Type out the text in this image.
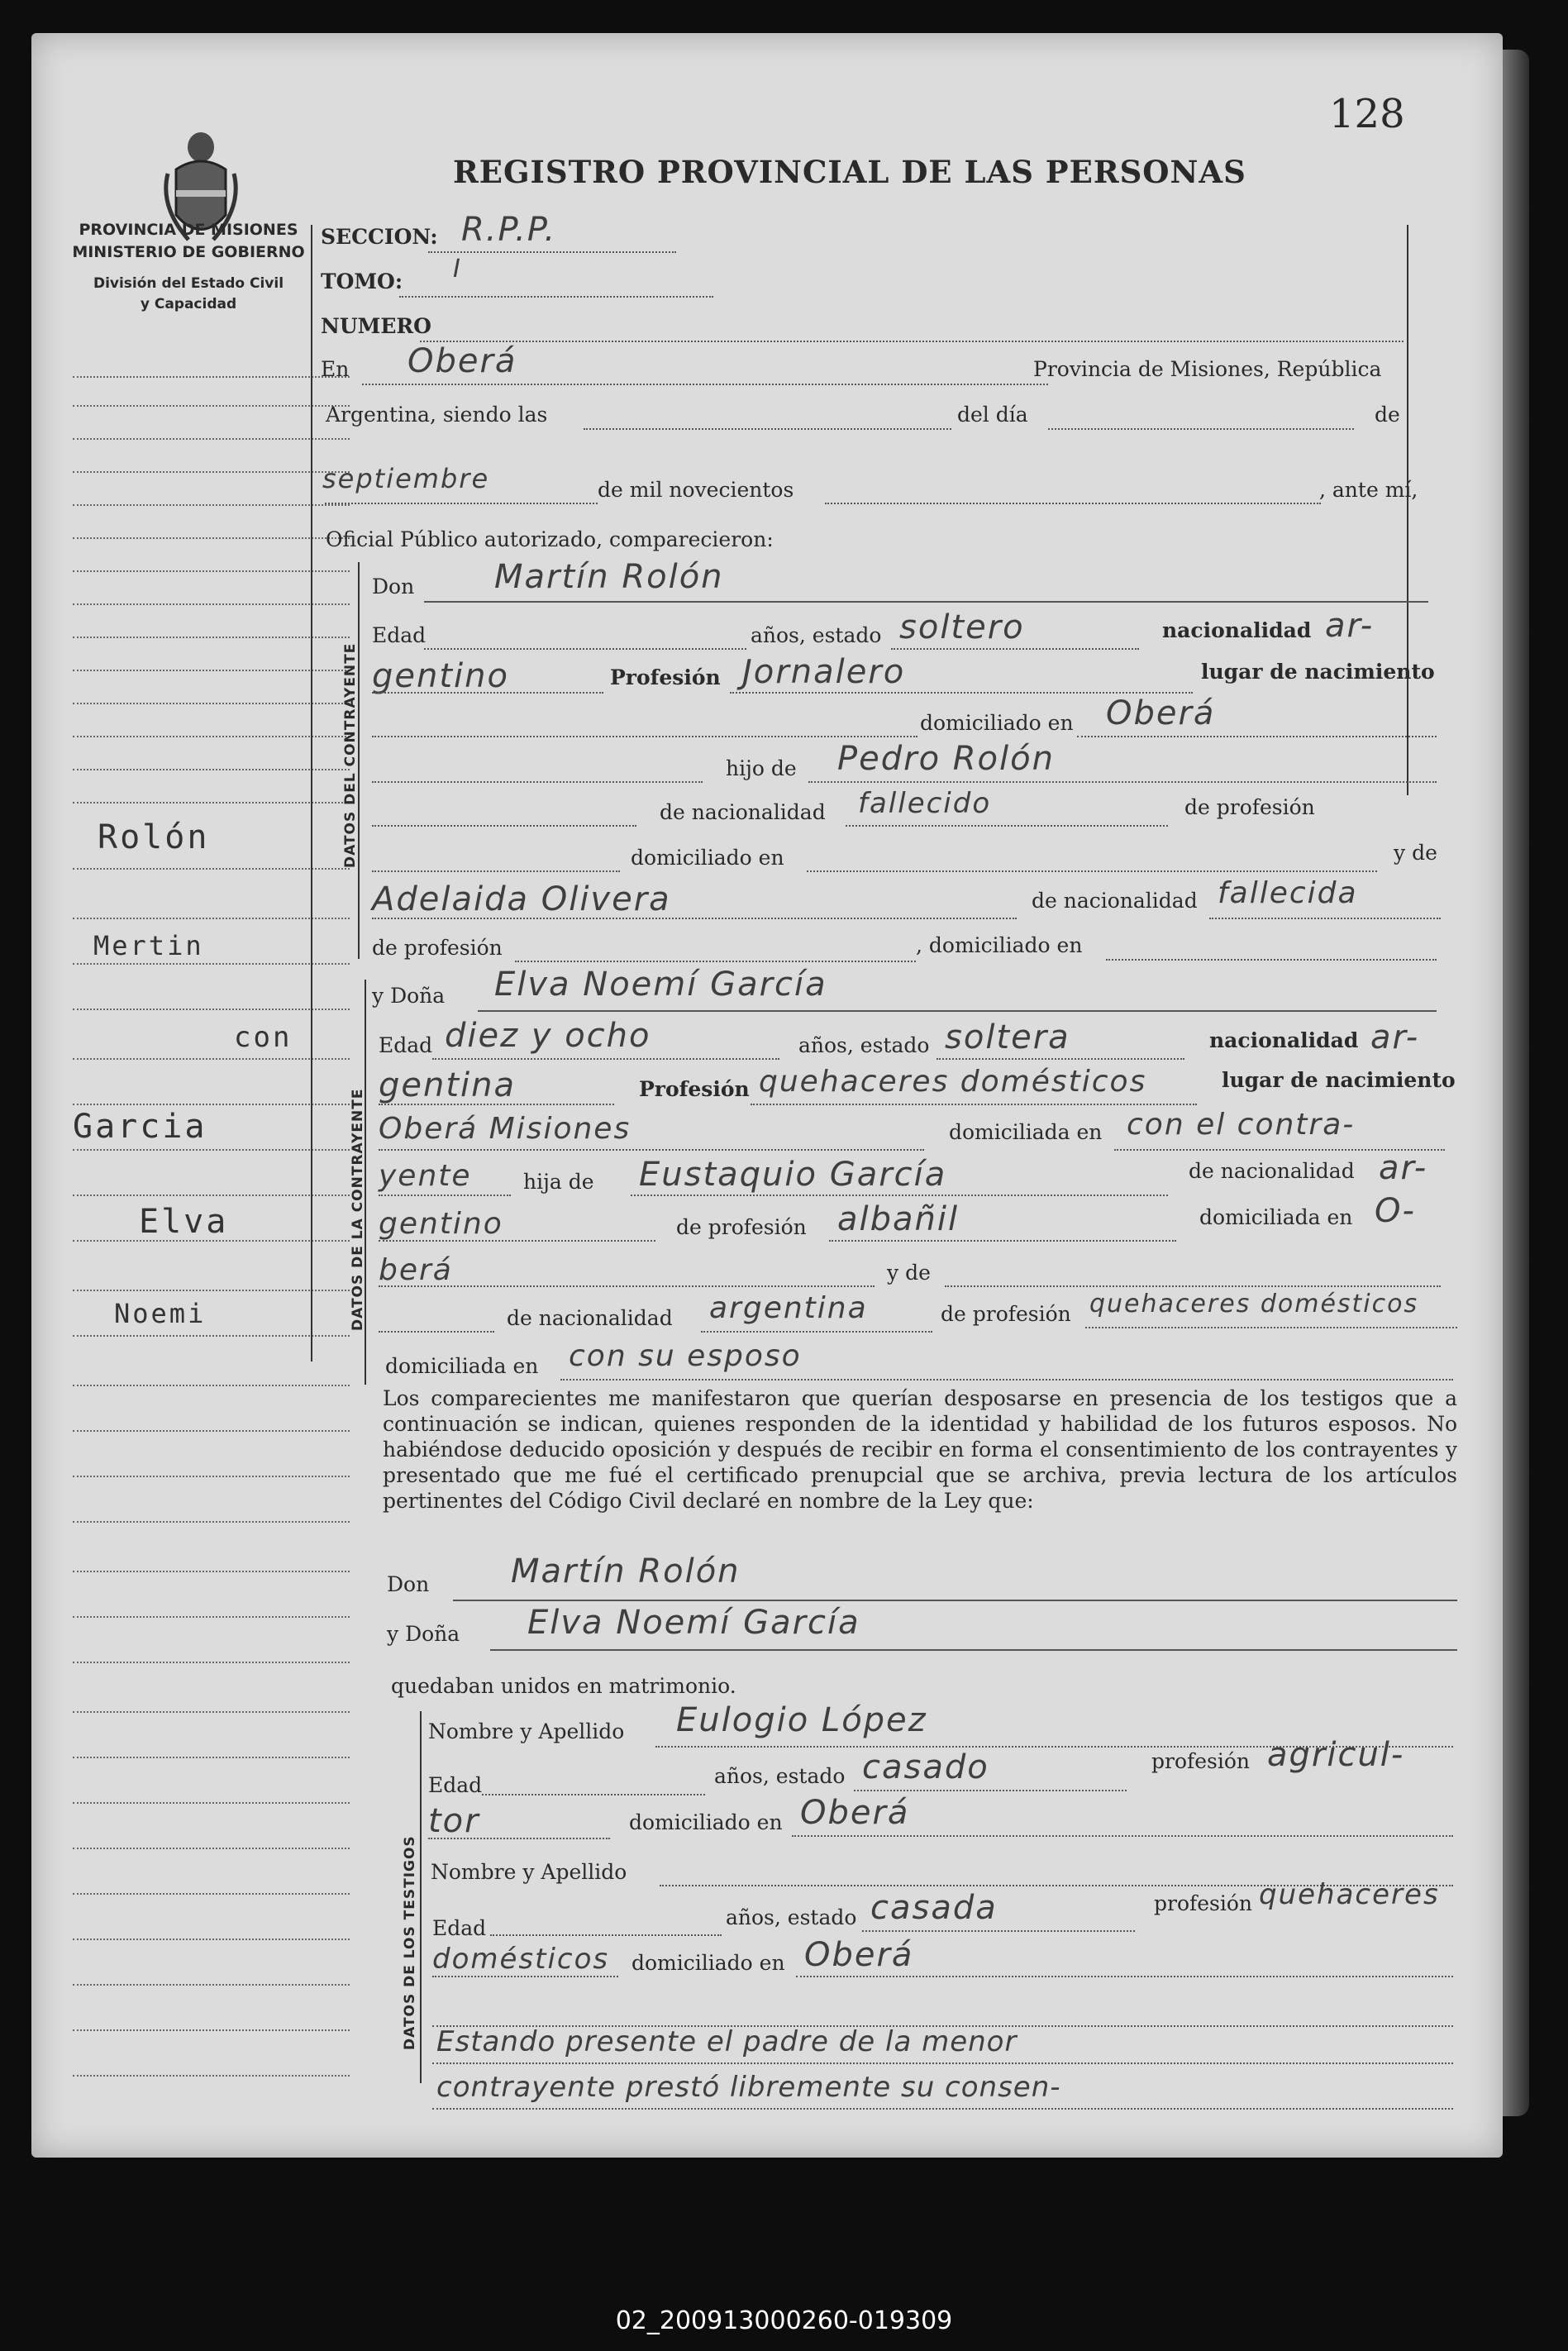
PROVINCIA DE MISIONES
MINISTERIO DE GOBIERNO
División del Estado Civil
y Capacidad
128
REGISTRO PROVINCIAL DE LAS PERSONAS
Rolón
Mertin
con
Garcia
Elva
Noemi
SECCION: R.P.P.
TOMO: I
NUMERO
En Oberá	Provincia de Misiones, República
Argentina, siendo las	del día	de
septiembre	de mil novecientos	, ante mí,
Oficial Público autorizado, comparecieron:
DATOS DEL CONTRAYENTE
Don Martín Rolón
Edad	años, estado soltero	nacionalidad ar-
gentino	Profesión Jornalero	lugar de nacimiento
domiciliado en Oberá
hijo de Pedro Rolón
de nacionalidad fallecido	de profesión
domiciliado en	y de
Adelaida Olivera	de nacionalidad fallecida
de profesión	, domiciliado en
DATOS DE LA CONTRAYENTE
y Doña Elva Noemí García
Edad diez y ocho	años, estado soltera	nacionalidad ar-
gentina	Profesión quehaceres domésticos	lugar de nacimiento
Oberá Misiones	domiciliada en con el contra-
yente hija de Eustaquio García	de nacionalidad ar-
gentino	de profesión albañil	domiciliada en O-
berá	y de
de nacionalidad argentina	de profesión quehaceres domésticos
domiciliada en con su esposo
Los comparecientes me manifestaron que querían desposarse en presencia de los testigos que a continuación se indican, quienes responden de la identidad y habilidad de los futuros esposos. No habiéndose deducido oposición y después de recibir en forma el consentimiento de los contrayentes y presentado que me fué el certificado prenupcial que se archiva, previa lectura de los artículos pertinentes del Código Civil declaré en nombre de la Ley que:
Don Martín Rolón
y Doña Elva Noemí García
quedaban unidos en matrimonio.
DATOS DE LOS TESTIGOS
Nombre y Apellido Eulogio López
Edad	años, estado casado	profesión agricul-
tor	domiciliado en Oberá
Nombre y Apellido
Edad	años, estado casada	profesión quehaceres
domésticos domiciliado en Oberá
Estando presente el padre de la menor
contrayente prestó libremente su consen-
02_200913000260-019309
